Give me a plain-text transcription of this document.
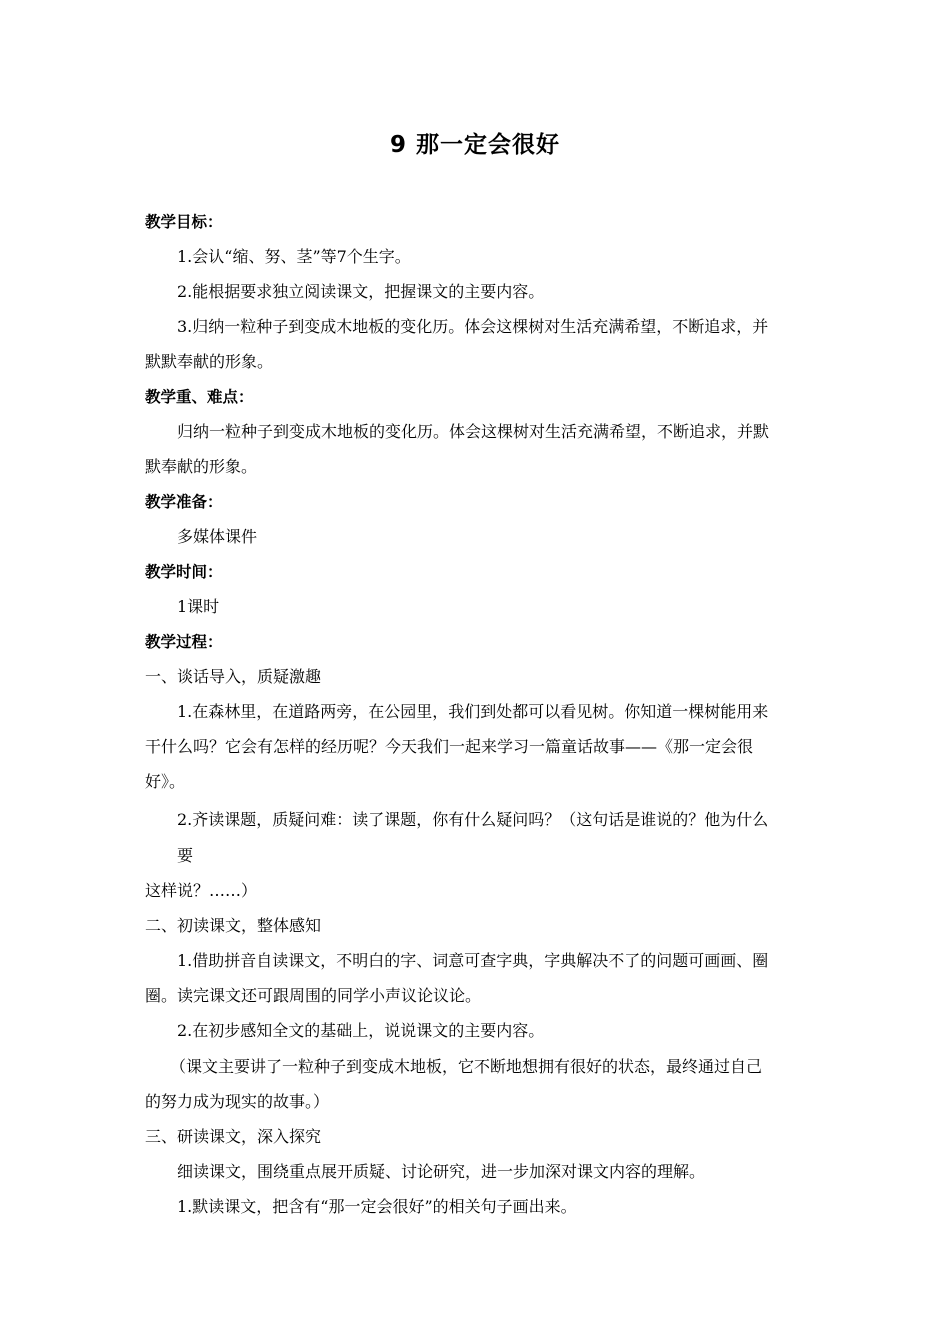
9 那一定会很好
教学目标：
1.会认“缩、努、茎”等7个生字。
2.能根据要求独立阅读课文，把握课文的主要内容。
3.归纳一粒种子到变成木地板的变化历。体会这棵树对生活充满希望，不断追求，并
默默奉献的形象。
教学重、难点：
归纳一粒种子到变成木地板的变化历。体会这棵树对生活充满希望，不断追求，并默
默奉献的形象。
教学准备：
多媒体课件
教学时间：
1课时
教学过程：
一、谈话导入，质疑激趣
1.在森林里，在道路两旁，在公园里，我们到处都可以看见树。你知道一棵树能用来
干什么吗？它会有怎样的经历呢？今天我们一起来学习一篇童话故事——《那一定会很
好》。
2.齐读课题，质疑问难：读了课题，你有什么疑问吗？（这句话是谁说的？他为什么
要
这样说？……）
二、初读课文，整体感知
1.借助拼音自读课文，不明白的字、词意可查字典，字典解决不了的问题可画画、圈
圈。读完课文还可跟周围的同学小声议论议论。
2.在初步感知全文的基础上，说说课文的主要内容。
（课文主要讲了一粒种子到变成木地板，它不断地想拥有很好的状态，最终通过自己
的努力成为现实的故事。）
三、研读课文，深入探究
细读课文，围绕重点展开质疑、讨论研究，进一步加深对课文内容的理解。
1.默读课文，把含有“那一定会很好”的相关句子画出来。
